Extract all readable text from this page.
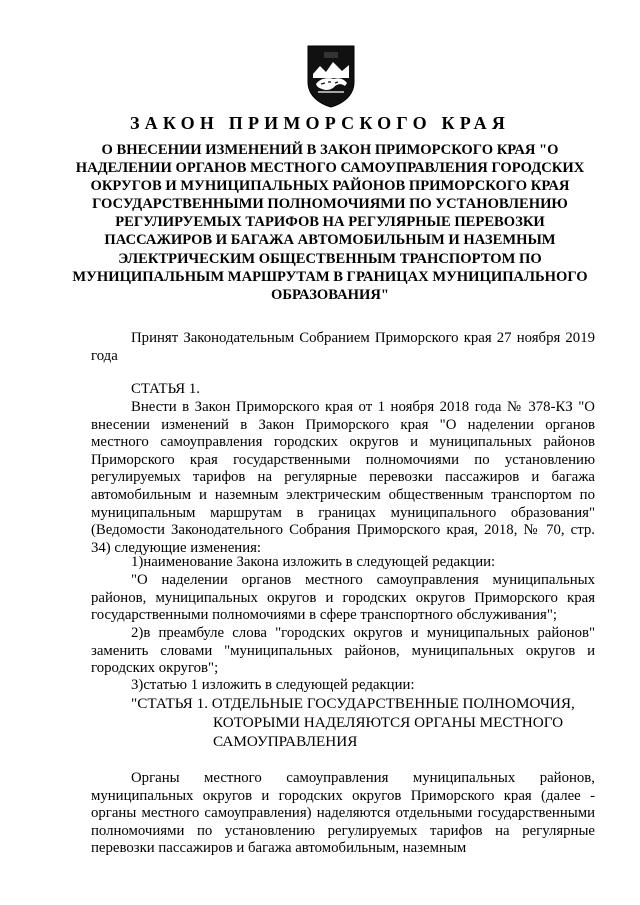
ЗАКОН ПРИМОРСКОГО КРАЯ

О ВНЕСЕНИИ ИЗМЕНЕНИЙ В ЗАКОН ПРИМОРСКОГО КРАЯ "О НАДЕЛЕНИИ ОРГАНОВ МЕСТНОГО САМОУПРАВЛЕНИЯ ГОРОДСКИХ ОКРУГОВ И МУНИЦИПАЛЬНЫХ РАЙОНОВ ПРИМОРСКОГО КРАЯ ГОСУДАРСТВЕННЫМИ ПОЛНОМОЧИЯМИ ПО УСТАНОВЛЕНИЮ РЕГУЛИРУЕМЫХ ТАРИФОВ НА РЕГУЛЯРНЫЕ ПЕРЕВОЗКИ ПАССАЖИРОВ И БАГАЖА АВТОМОБИЛЬНЫМ И НАЗЕМНЫМ ЭЛЕКТРИЧЕСКИМ ОБЩЕСТВЕННЫМ ТРАНСПОРТОМ ПО МУНИЦИПАЛЬНЫМ МАРШРУТАМ В ГРАНИЦАХ МУНИЦИПАЛЬНОГО ОБРАЗОВАНИЯ"

Принят Законодательным Собранием Приморского края 27 ноября 2019 года

СТАТЬЯ 1.

Внести в Закон Приморского края от 1 ноября 2018 года № 378-КЗ "О внесении изменений в Закон Приморского края "О наделении органов местного самоуправления городских округов и муниципальных районов Приморского края государственными полномочиями по установлению регулируемых тарифов на регулярные перевозки пассажиров и багажа автомобильным и наземным электрическим общественным транспортом по муниципальным маршрутам в границах муниципального образования" (Ведомости Законодательного Собрания Приморского края, 2018, № 70, стр. 34) следующие изменения:

1)наименование Закона изложить в следующей редакции:

"О наделении органов местного самоуправления муниципальных районов, муниципальных округов и городских округов Приморского края государственными полномочиями в сфере транспортного обслуживания";

2)в преамбуле слова "городских округов и муниципальных районов" заменить словами "муниципальных районов, муниципальных округов и городских округов";

3)статью 1 изложить в следующей редакции:

"СТАТЬЯ 1. ОТДЕЛЬНЫЕ ГОСУДАРСТВЕННЫЕ ПОЛНОМОЧИЯ,
КОТОРЫМИ НАДЕЛЯЮТСЯ ОРГАНЫ МЕСТНОГО
САМОУПРАВЛЕНИЯ

Органы местного самоуправления муниципальных районов, муниципальных округов и городских округов Приморского края (далее - органы местного самоуправления) наделяются отдельными государственными полномочиями по установлению регулируемых тарифов на регулярные перевозки пассажиров и багажа автомобильным, наземным
